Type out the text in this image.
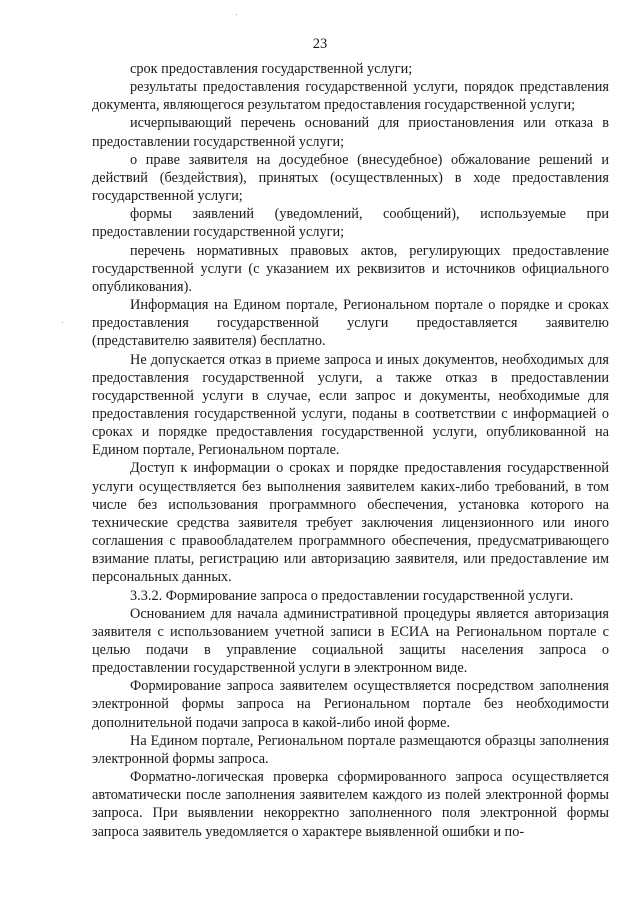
23

срок предоставления государственной услуги;

результаты предоставления государственной услуги, порядок представления документа, являющегося результатом предоставления государственной услуги;

исчерпывающий перечень оснований для приостановления или отказа в предоставлении государственной услуги;

о праве заявителя на досудебное (внесудебное) обжалование решений и действий (бездействия), принятых (осуществленных) в ходе предоставления государственной услуги;

формы заявлений (уведомлений, сообщений), используемые при предоставлении государственной услуги;

перечень нормативных правовых актов, регулирующих предоставление государственной услуги (с указанием их реквизитов и источников официального опубликования).

Информация на Едином портале, Региональном портале о порядке и сроках предоставления государственной услуги предоставляется заявителю (представителю заявителя) бесплатно.

Не допускается отказ в приеме запроса и иных документов, необходимых для предоставления государственной услуги, а также отказ в предоставлении государственной услуги в случае, если запрос и документы, необходимые для предоставления государственной услуги, поданы в соответствии с информацией о сроках и порядке предоставления государственной услуги, опубликованной на Едином портале, Региональном портале.

Доступ к информации о сроках и порядке предоставления государственной услуги осуществляется без выполнения заявителем каких-либо требований, в том числе без использования программного обеспечения, установка которого на технические средства заявителя требует заключения лицензионного или иного соглашения с правообладателем программного обеспечения, предусматривающего взимание платы, регистрацию или авторизацию заявителя, или предоставление им персональных данных.

3.3.2. Формирование запроса о предоставлении государственной услуги.

Основанием для начала административной процедуры является авторизация заявителя с использованием учетной записи в ЕСИА на Региональном портале с целью подачи в управление социальной защиты населения запроса о предоставлении государственной услуги в электронном виде.

Формирование запроса заявителем осуществляется посредством заполнения электронной формы запроса на Региональном портале без необходимости дополнительной подачи запроса в какой-либо иной форме.

На Едином портале, Региональном портале размещаются образцы заполнения электронной формы запроса.

Форматно-логическая проверка сформированного запроса осуществляется автоматически после заполнения заявителем каждого из полей электронной формы запроса. При выявлении некорректно заполненного поля электронной формы запроса заявитель уведомляется о характере выявленной ошибки и по-
